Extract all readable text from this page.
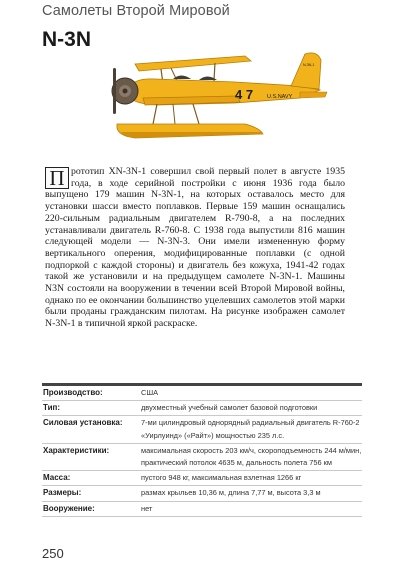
Самолеты Второй Мировой
N-3N
4 7	U.S.NAVY
N-3N-1
П рототип XN-3N-1 совершил свой первый полет в августе 1935 года, в ходе серийной постройки с июня 1936 года было выпущено 179 машин N-3N-1, на которых оставалось место для установки шасси вместо поплавков. Первые 159 машин оснащались 220-сильным радиальным двигателем R-790-8, а на последних устанавливали двигатель R-760-8. С 1938 года выпустили 816 машин следующей модели — N-3N-3. Они имели измененную форму вертикального оперения, модифицированные поплавки (с одной подпоркой с каждой стороны) и двигатель без кожуха, 1941-42 годах такой же установили и на предыдущем самолете N-3N-1. Машины N3N состояли на вооружении в течении всей Второй Мировой войны, однако по ее окончании большинство уцелевших самолетов этой марки были проданы гражданским пилотам. На рисунке изображен самолет N-3N-1 в типичной яркой раскраске.
Производство:	США
Тип:	двухместный учебный самолет базовой подготовки
Силовая установка:	7-ми цилиндровый однорядный радиальный двигатель R-760-2 «Уирлуинд» («Райт») мощностью 235 л.с.
Характеристики:	максимальная скорость 203 км/ч, скороподъемность 244 м/мин, практический потолок 4635 м, дальность полета 756 км
Масса:	пустого 948 кг, максимальная взлетная 1266 кг
Размеры:	размах крыльев 10,36 м, длина 7,77 м, высота 3,3 м
Вооружение:	нет
250
